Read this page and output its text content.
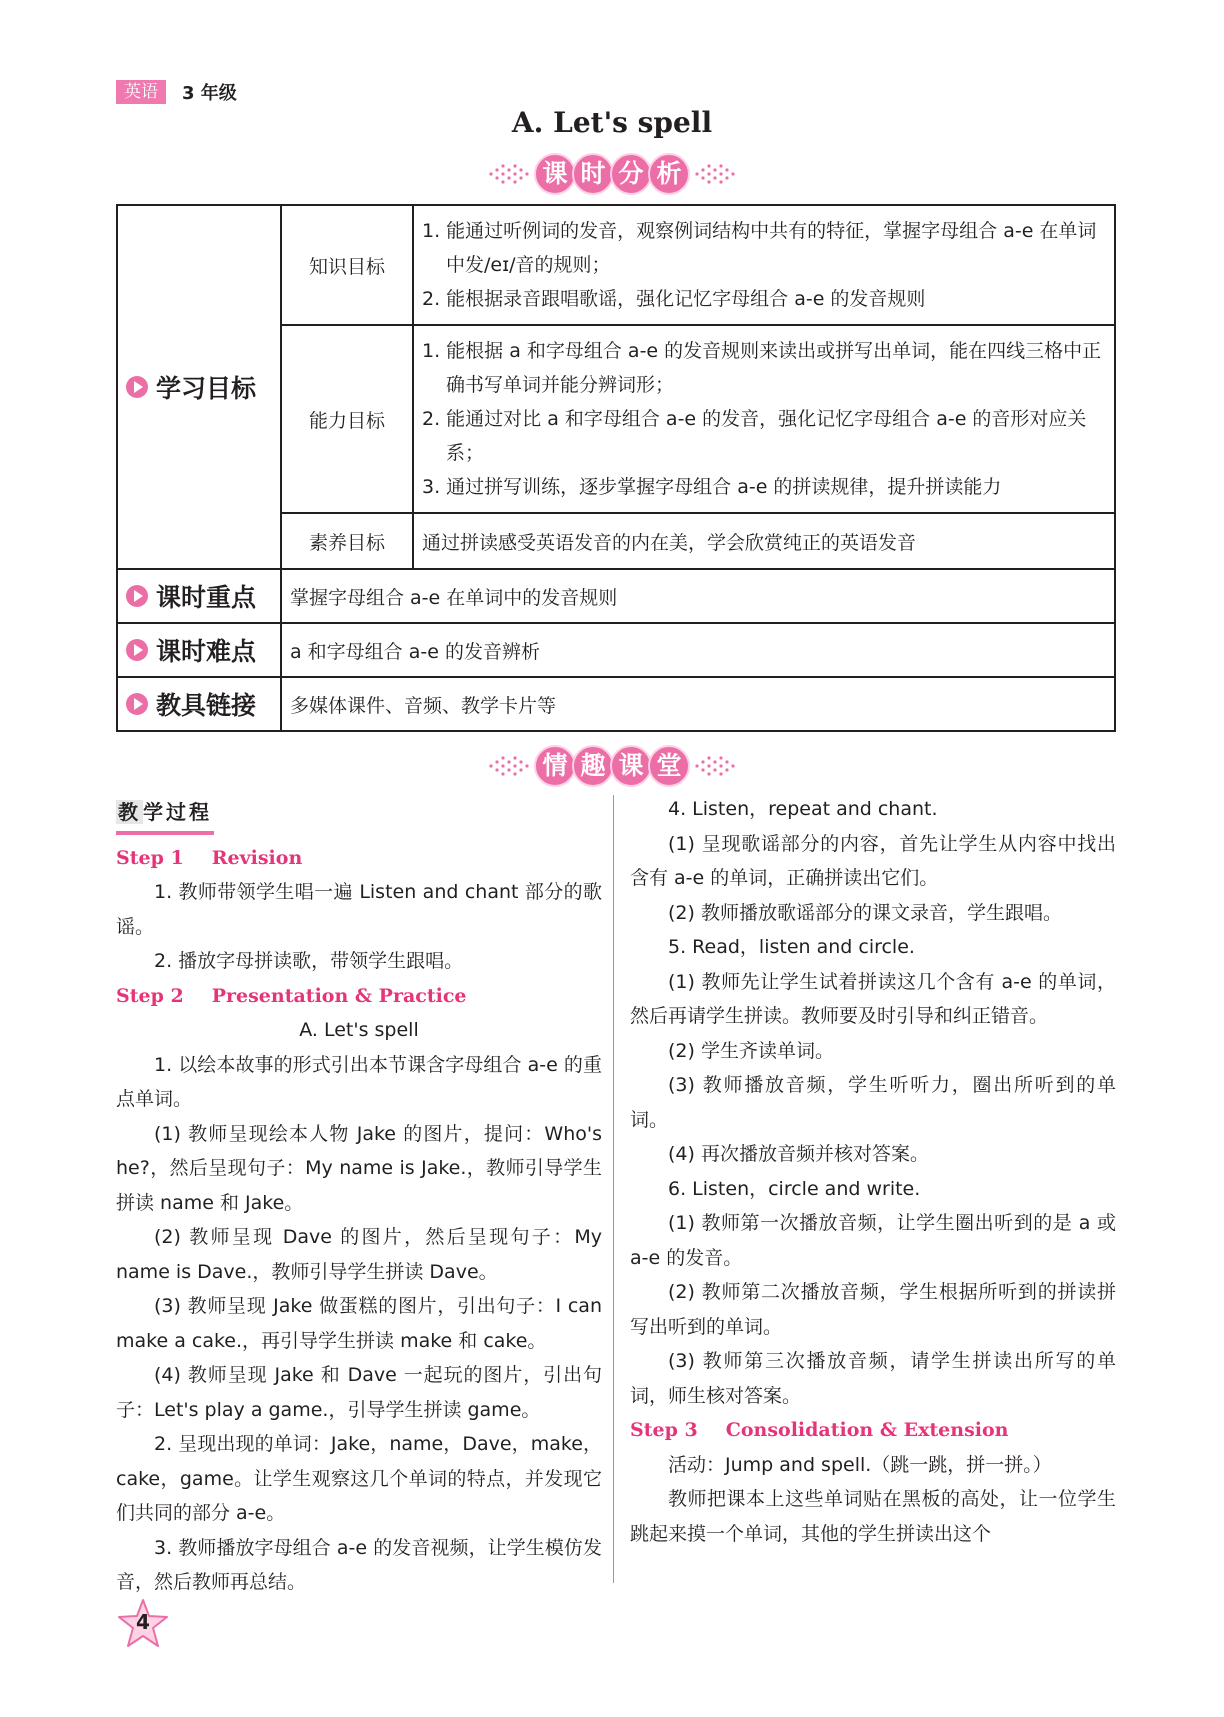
英语	3 年级
A. Let's spell
课 时 分 析
学习目标	知识目标	1. 能通过听例词的发音，观察例词结构中共有的特征，掌握字母组合 a-e 在单词中发/eɪ/音的规则；
2. 能根据录音跟唱歌谣，强化记忆字母组合 a-e 的发音规则

	能力目标	1. 能根据 a 和字母组合 a-e 的发音规则来读出或拼写出单词，能在四线三格中正确书写单词并能分辨词形；
2. 能通过对比 a 和字母组合 a-e 的发音，强化记忆字母组合 a-e 的音形对应关系；
3. 通过拼写训练，逐步掌握字母组合 a-e 的拼读规律，提升拼读能力

	素养目标	通过拼读感受英语发音的内在美，学会欣赏纯正的英语发音

课时重点	掌握字母组合 a-e 在单词中的发音规则	

课时难点	a 和字母组合 a-e 的发音辨析	

教具链接	多媒体课件、音频、教学卡片等	
情 趣 课 堂
教 学过程

Step 1 Revision

1. 教师带领学生唱一遍 Listen and chant 部分的歌谣。

2. 播放字母拼读歌，带领学生跟唱。

Step 2 Presentation & Practice

A. Let's spell

1. 以绘本故事的形式引出本节课含字母组合 a-e 的重点单词。

(1) 教师呈现绘本人物 Jake 的图片，提问：Who's he?，然后呈现句子：My name is Jake.，教师引导学生拼读 name 和 Jake。

(2) 教师呈现 Dave 的图片，然后呈现句子：My name is Dave.，教师引导学生拼读 Dave。

(3) 教师呈现 Jake 做蛋糕的图片，引出句子：I can make a cake.，再引导学生拼读 make 和 cake。

(4) 教师呈现 Jake 和 Dave 一起玩的图片，引出句子：Let's play a game.，引导学生拼读 game。

2. 呈现出现的单词：Jake，name，Dave，make，cake，game。让学生观察这几个单词的特点，并发现它们共同的部分 a-e。

3. 教师播放字母组合 a-e 的发音视频，让学生模仿发音，然后教师再总结。

4. Listen，repeat and chant.

(1) 呈现歌谣部分的内容，首先让学生从内容中找出含有 a-e 的单词，正确拼读出它们。

(2) 教师播放歌谣部分的课文录音，学生跟唱。

5. Read，listen and circle.

(1) 教师先让学生试着拼读这几个含有 a-e 的单词，然后再请学生拼读。教师要及时引导和纠正错音。

(2) 学生齐读单词。

(3) 教师播放音频，学生听听力，圈出所听到的单词。

(4) 再次播放音频并核对答案。

6. Listen，circle and write.

(1) 教师第一次播放音频，让学生圈出听到的是 a 或 a-e 的发音。

(2) 教师第二次播放音频，学生根据所听到的拼读拼写出听到的单词。

(3) 教师第三次播放音频，请学生拼读出所写的单词，师生核对答案。

Step 3 Consolidation & Extension

活动：Jump and spell.（跳一跳，拼一拼。）

教师把课本上这些单词贴在黑板的高处，让一位学生跳起来摸一个单词，其他的学生拼读出这个

4
